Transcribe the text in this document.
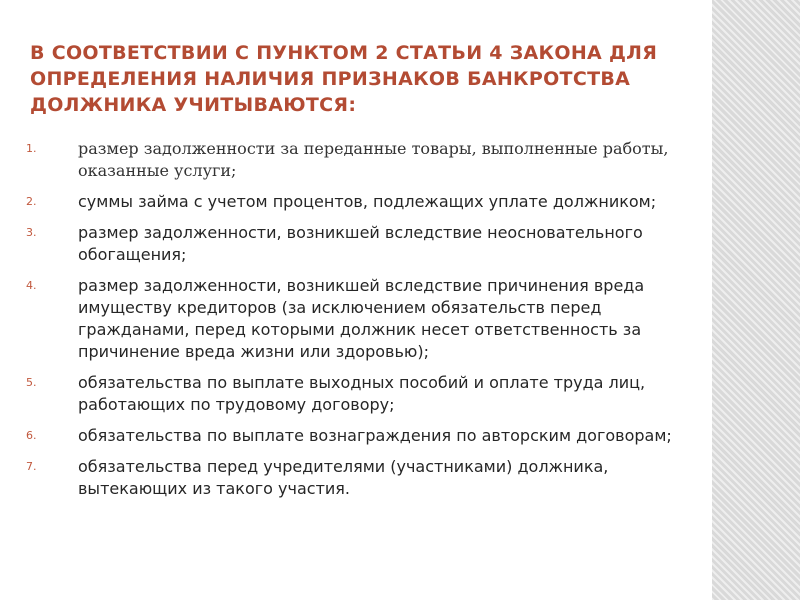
В СООТВЕТСТВИИ С ПУНКТОМ 2 СТАТЬИ 4 ЗАКОНА ДЛЯ ОПРЕДЕЛЕНИЯ НАЛИЧИЯ ПРИЗНАКОВ БАНКРОТСТВА ДОЛЖНИКА УЧИТЫВАЮТСЯ:
1.	размер задолженности за переданные товары, выполненные работы, оказанные услуги;
2.	суммы займа с учетом процентов, подлежащих уплате должником;
3.	размер задолженности, возникшей вследствие неосновательного обогащения;
4.	размер задолженности, возникшей вследствие причинения вреда имуществу кредиторов (за исключением обязательств перед гражданами, перед которыми должник несет ответственность за причинение вреда жизни или здоровью);
5.	обязательства по выплате выходных пособий и оплате труда лиц, работающих по трудовому договору;
6.	обязательства по выплате вознаграждения по авторским договорам;
7.	обязательства перед учредителями (участниками) должника, вытекающих из такого участия.
